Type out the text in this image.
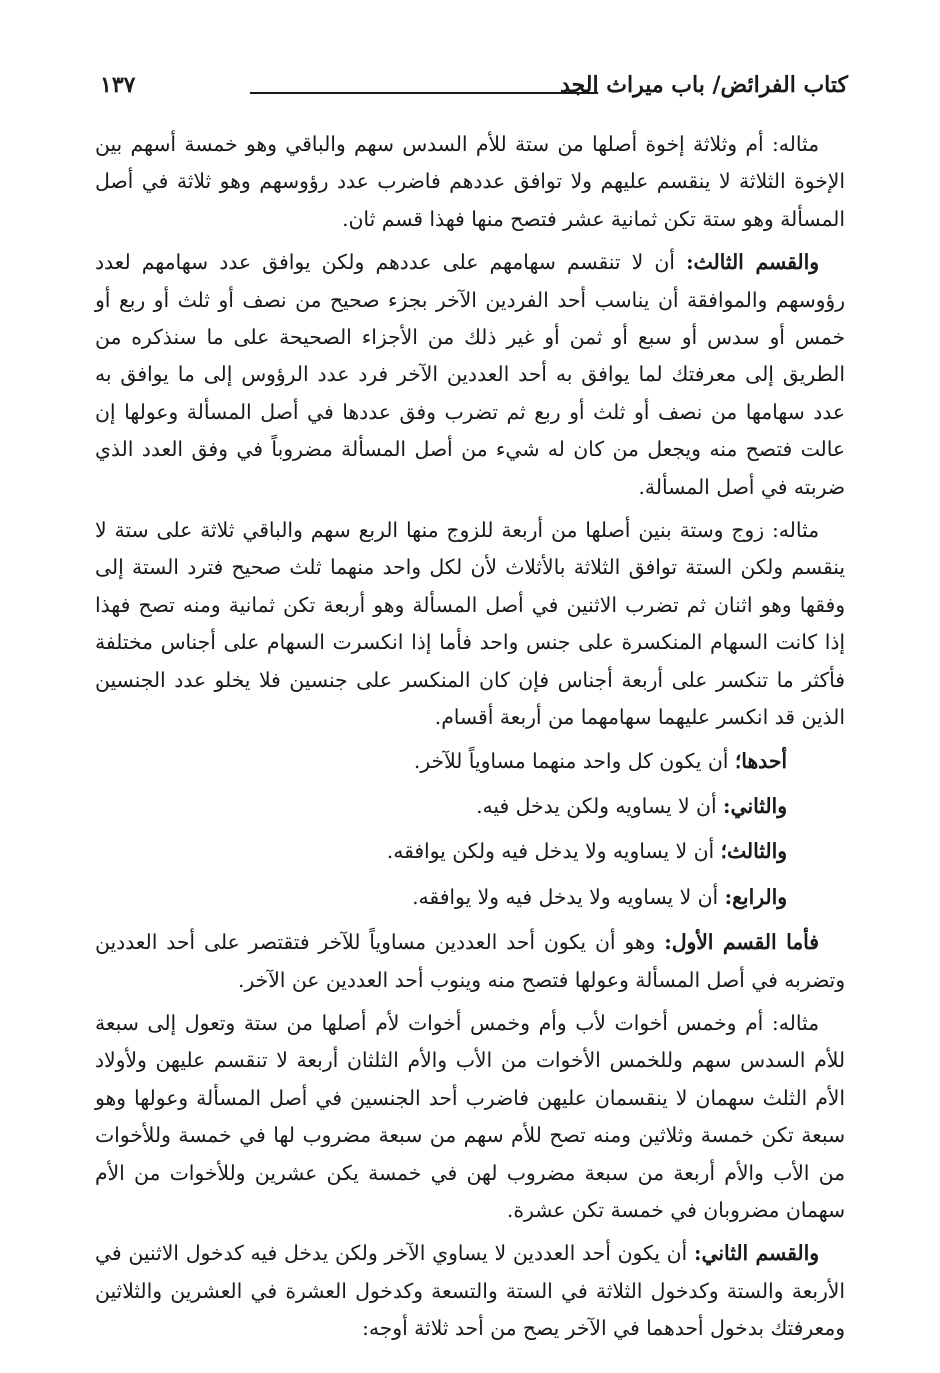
كتاب الفرائض/ باب ميراث الجد
١٣٧

مثاله: أم وثلاثة إخوة أصلها من ستة للأم السدس سهم والباقي وهو خمسة أسهم بين الإخوة الثلاثة لا ينقسم عليهم ولا توافق عددهم فاضرب عدد رؤوسهم وهو ثلاثة في أصل المسألة وهو ستة تكن ثمانية عشر فتصح منها فهذا قسم ثان.

والقسم الثالث: أن لا تنقسم سهامهم على عددهم ولكن يوافق عدد سهامهم لعدد رؤوسهم والموافقة أن يناسب أحد الفردين الآخر بجزء صحيح من نصف أو ثلث أو ربع أو خمس أو سدس أو سبع أو ثمن أو غير ذلك من الأجزاء الصحيحة على ما سنذكره من الطريق إلى معرفتك لما يوافق به أحد العددين الآخر فرد عدد الرؤوس إلى ما يوافق به عدد سهامها من نصف أو ثلث أو ربع ثم تضرب وفق عددها في أصل المسألة وعولها إن عالت فتصح منه ويجعل من كان له شيء من أصل المسألة مضروباً في وفق العدد الذي ضربته في أصل المسألة.

مثاله: زوج وستة بنين أصلها من أربعة للزوج منها الربع سهم والباقي ثلاثة على ستة لا ينقسم ولكن الستة توافق الثلاثة بالأثلاث لأن لكل واحد منهما ثلث صحيح فترد الستة إلى وفقها وهو اثنان ثم تضرب الاثنين في أصل المسألة وهو أربعة تكن ثمانية ومنه تصح فهذا إذا كانت السهام المنكسرة على جنس واحد فأما إذا انكسرت السهام على أجناس مختلفة فأكثر ما تنكسر على أربعة أجناس فإن كان المنكسر على جنسين فلا يخلو عدد الجنسين الذين قد انكسر عليهما سهامهما من أربعة أقسام.

أحدها؛ أن يكون كل واحد منهما مساوياً للآخر.

والثاني: أن لا يساويه ولكن يدخل فيه.

والثالث؛ أن لا يساويه ولا يدخل فيه ولكن يوافقه.

والرابع: أن لا يساويه ولا يدخل فيه ولا يوافقه.

فأما القسم الأول: وهو أن يكون أحد العددين مساوياً للآخر فتقتصر على أحد العددين وتضربه في أصل المسألة وعولها فتصح منه وينوب أحد العددين عن الآخر.

مثاله: أم وخمس أخوات لأب وأم وخمس أخوات لأم أصلها من ستة وتعول إلى سبعة للأم السدس سهم وللخمس الأخوات من الأب والأم الثلثان أربعة لا تنقسم عليهن ولأولاد الأم الثلث سهمان لا ينقسمان عليهن فاضرب أحد الجنسين في أصل المسألة وعولها وهو سبعة تكن خمسة وثلاثين ومنه تصح للأم سهم من سبعة مضروب لها في خمسة وللأخوات من الأب والأم أربعة من سبعة مضروب لهن في خمسة يكن عشرين وللأخوات من الأم سهمان مضروبان في خمسة تكن عشرة.

والقسم الثاني: أن يكون أحد العددين لا يساوي الآخر ولكن يدخل فيه كدخول الاثنين في الأربعة والستة وكدخول الثلاثة في الستة والتسعة وكدخول العشرة في العشرين والثلاثين ومعرفتك بدخول أحدهما في الآخر يصح من أحد ثلاثة أوجه:
